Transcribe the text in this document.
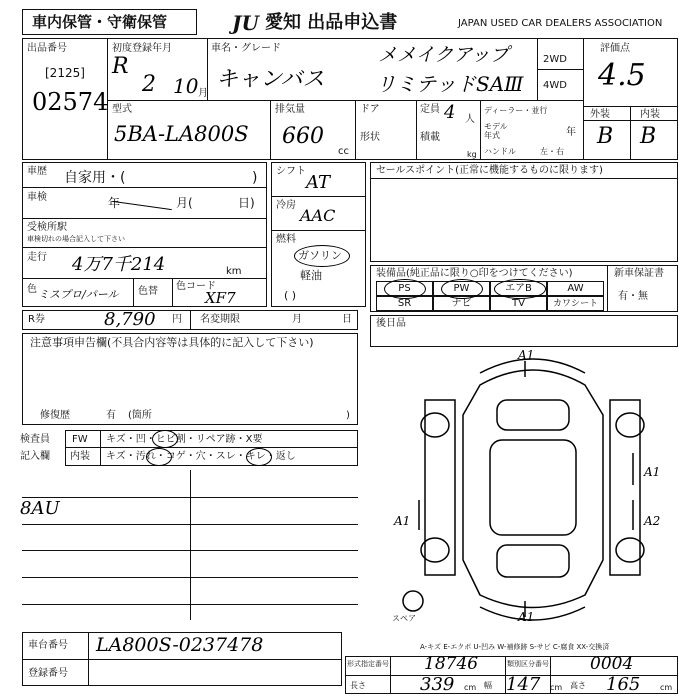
車内保管・守衛保管	JU 愛知 出品申込書	JAPAN USED CAR DEALERS ASSOCIATION
出品番号
[2125]
02574
初度登録年月
R
2 10 月
車名・グレード
キャンバス
メメイクアップ
リミテッドSAⅢ
2WD
4WD
評価点
4.5
外装	内装
B B
型式
5BA-LA800S
排気量
660
cc
ドア
形状
定員 4 人
積載
kg
ディーラー・並行
モデル年式	年
ハンドル	左・右
車歴 自家用・(	)
車検	年	月(	日)
受検所駅
車検切れの場合記入して下さい
走行 4万7千214	km
色 ミスプロ/パール 色替 色コード
XF7
シフト
AT
冷房
AAC
燃料
ガソリン
軽油
( )
セールスポイント(正常に機能するものに限ります)
装備品(純正品に限り○印をつけてください)	新車保証書
有・無
PS	PW	エアB	AW
SR	ナビ	TV	カワシート
R券	8,790 円 名変期限	月	日 後日品
注意事項申告欄(不具合内容等は具体的に記入して下さい)
修復歴	有 (箇所	)
検査員
記入欄
FW キズ・凹・ヒビ割・リペア跡・X要
内装 キズ・汚れ・コゲ・穴・スレ・キレ・返し
8AU
A1
A1
A1	A2
A1
スペア
A-キズ E-エクボ U-凹み W-補修跡 S-サビ C-腐食 XX-交換済
車台番号 LA800S-0237478
登録番号
形式指定番号 18746	類別区分番号 0004
長さ	339 cm 幅 147 cm 高さ 165 cm
